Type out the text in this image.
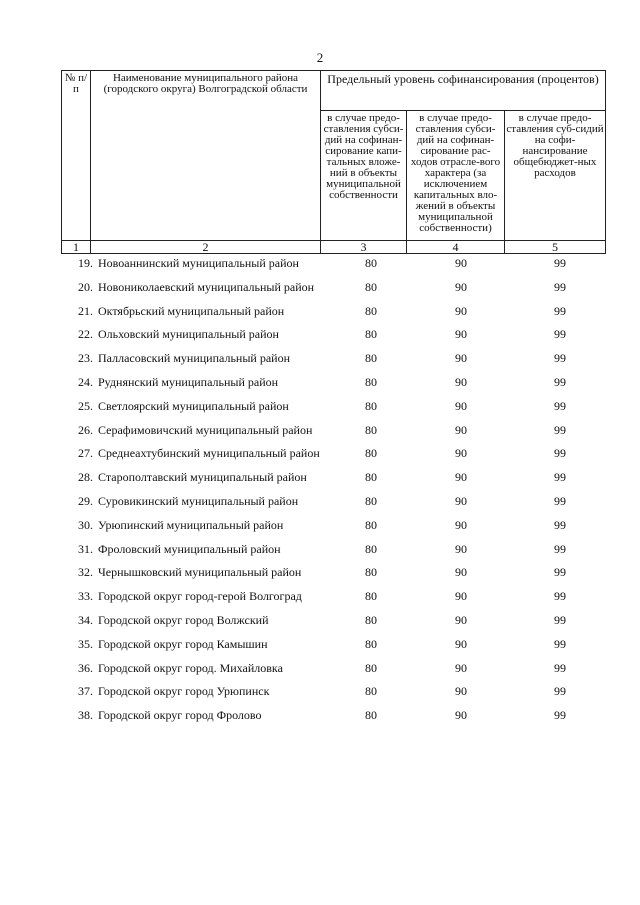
2
№ п/п	Наименование муниципального района (городского округа) Волгоградской области	Предельный уровень софинансирования (процентов)		
		в случае предо-ставления субси-дий на софинан-сирование капи-тальных вложе-ний в объекты муниципальной собственности	в случае предо-ставления субси-дий на софинан-сирование рас-ходов отрасле-вого характера (за исключением капитальных вло-жений в объекты муниципальной собственности)	в случае предо-ставления суб-сидий на софи-нансирование общебюджет-ных расходов
1	2	3	4	5
19. Новоаннинский муниципальный район	80	90	99
20. Новониколаевский муниципальный район	80	90	99
21. Октябрьский муниципальный район	80	90	99
22. Ольховский муниципальный район	80	90	99
23. Палласовский муниципальный район	80	90	99
24. Руднянский муниципальный район	80	90	99
25. Светлоярский муниципальный район	80	90	99
26. Серафимовичский муниципальный район	80	90	99
27. Среднеахтубинский муниципальный район	80	90	99
28. Старополтавский муниципальный район	80	90	99
29. Суровикинский муниципальный район	80	90	99
30. Урюпинский муниципальный район	80	90	99
31. Фроловский муниципальный район	80	90	99
32. Чернышковский муниципальный район	80	90	99
33. Городской округ город-герой Волгоград	80	90	99
34. Городской округ город Волжский	80	90	99
35. Городской округ город Камышин	80	90	99
36. Городской округ город. Михайловка	80	90	99
37. Городской округ город Урюпинск	80	90	99
38. Городской округ город Фролово	80	90	99
